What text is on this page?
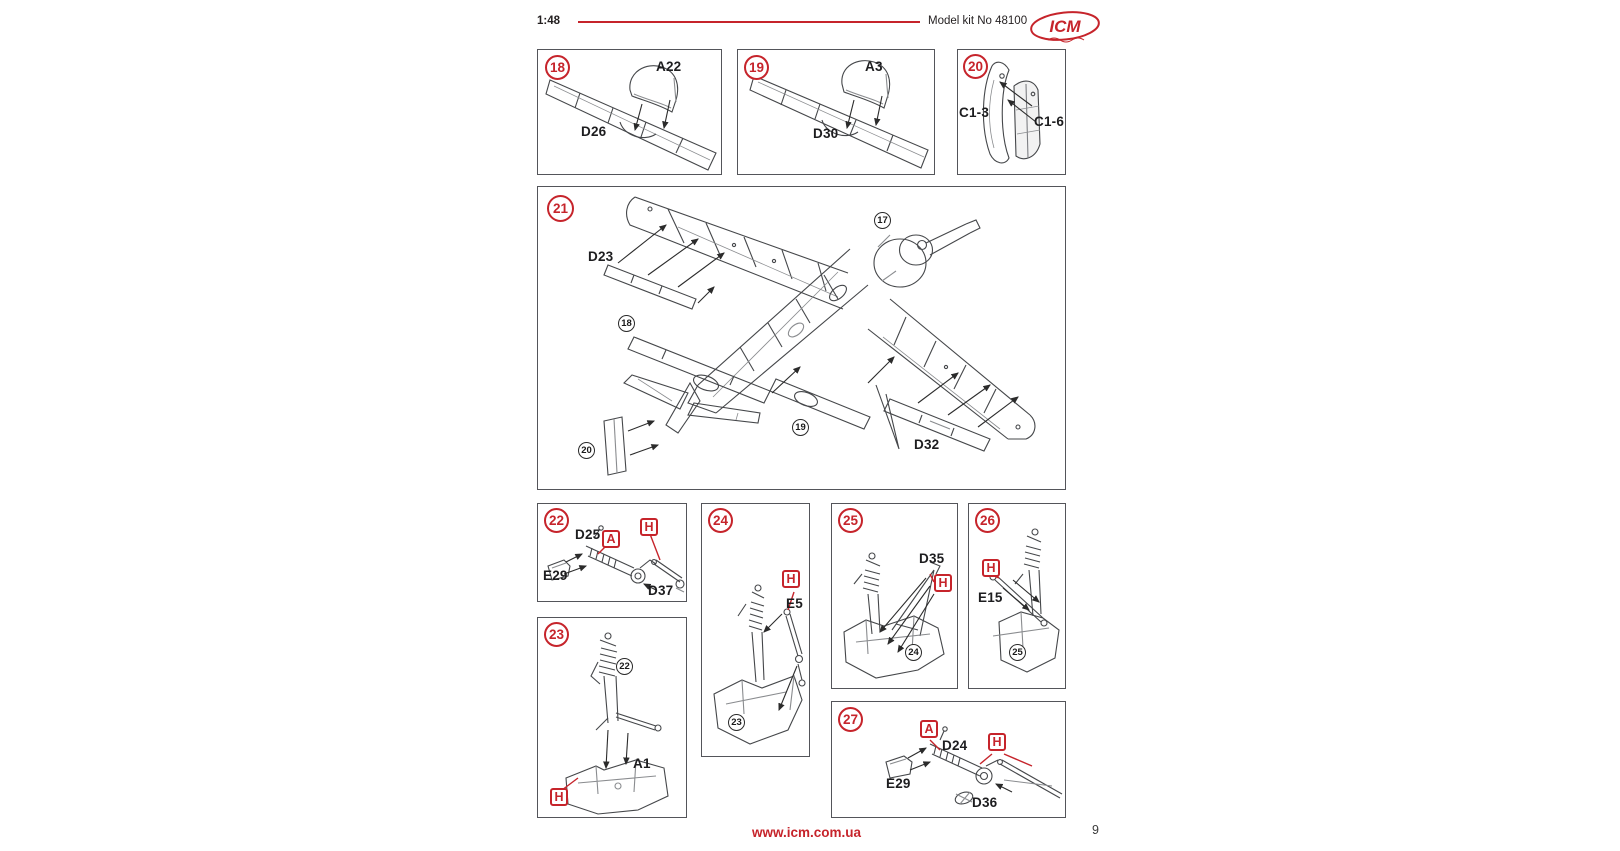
1:48	Model kit No 48100 ICM
18	A22
D26
19	A3
D30
20
C1-3
C1-6
21
D23
D32
17
18
19
20
22
D25 A
H
E29
D37
23
22
A1
H
24
H
E5
23
25
D35
H
24
26
H
E15
25
27
A
D24	H
E29
D36
www.icm.com.ua	9
